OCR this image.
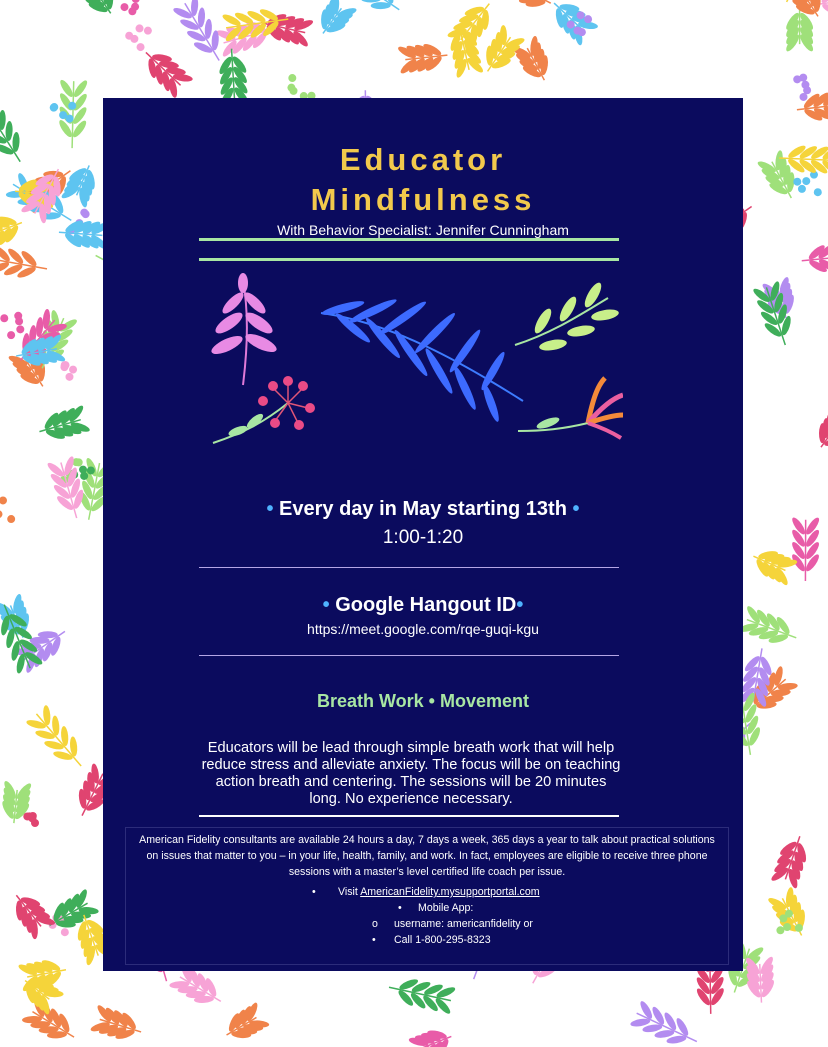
Educator
Mindfulness
With Behavior Specialist: Jennifer Cunningham
• Every day in May starting 13th •
1:00-1:20
• Google Hangout ID•
https://meet.google.com/rqe-guqi-kgu
Breath Work • Movement
Educators will be lead through simple breath work that will help reduce stress and alleviate anxiety. The focus will be on teaching action breath and centering. The sessions will be 20 minutes long. No experience necessary.
American Fidelity consultants are available 24 hours a day, 7 days a week, 365 days a year to talk about practical solutions on issues that matter to you – in your life, health, family, and work. In fact, employees are eligible to receive three phone sessions with a master’s level certified life coach per issue.
• Visit AmericanFidelity.mysupportportal.com
• Mobile App:
o username: americanfidelity or
• Call 1-800-295-8323
